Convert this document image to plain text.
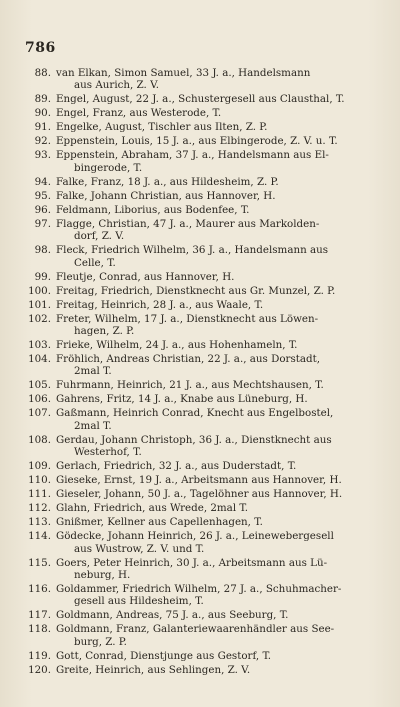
786
88. van Elkan, Simon Samuel, 33 J. a., Handelsmann
aus Aurich, Z. V.
89. Engel, August, 22 J. a., Schustergesell aus Clausthal, T.
90. Engel, Franz, aus Westerode, T.
91. Engelke, August, Tischler aus Ilten, Z. P.
92. Eppenstein, Louis, 15 J. a., aus Elbingerode, Z. V. u. T.
93. Eppenstein, Abraham, 37 J. a., Handelsmann aus El-
bingerode, T.
94. Falke, Franz, 18 J. a., aus Hildesheim, Z. P.
95. Falke, Johann Christian, aus Hannover, H.
96. Feldmann, Liborius, aus Bodenfee, T.
97. Flagge, Christian, 47 J. a., Maurer aus Markolden-
dorf, Z. V.
98. Fleck, Friedrich Wilhelm, 36 J. a., Handelsmann aus
Celle, T.
99. Fleutje, Conrad, aus Hannover, H.
100. Freitag, Friedrich, Dienstknecht aus Gr. Munzel, Z. P.
101. Freitag, Heinrich, 28 J. a., aus Waale, T.
102. Freter, Wilhelm, 17 J. a., Dienstknecht aus Löwen-
hagen, Z. P.
103. Frieke, Wilhelm, 24 J. a., aus Hohenhameln, T.
104. Fröhlich, Andreas Christian, 22 J. a., aus Dorstadt,
2mal T.
105. Fuhrmann, Heinrich, 21 J. a., aus Mechtshausen, T.
106. Gahrens, Fritz, 14 J. a., Knabe aus Lüneburg, H.
107. Gaßmann, Heinrich Conrad, Knecht aus Engelbostel,
2mal T.
108. Gerdau, Johann Christoph, 36 J. a., Dienstknecht aus
Westerhof, T.
109. Gerlach, Friedrich, 32 J. a., aus Duderstadt, T.
110. Gieseke, Ernst, 19 J. a., Arbeitsmann aus Hannover, H.
111. Gieseler, Johann, 50 J. a., Tagelöhner aus Hannover, H.
112. Glahn, Friedrich, aus Wrede, 2mal T.
113. Gnißmer, Kellner aus Capellenhagen, T.
114. Gödecke, Johann Heinrich, 26 J. a., Leinewebergesell
aus Wustrow, Z. V. und T.
115. Goers, Peter Heinrich, 30 J. a., Arbeitsmann aus Lü-
neburg, H.
116. Goldammer, Friedrich Wilhelm, 27 J. a., Schuhmacher-
gesell aus Hildesheim, T.
117. Goldmann, Andreas, 75 J. a., aus Seeburg, T.
118. Goldmann, Franz, Galanteriewaarenhändler aus See-
burg, Z. P.
119. Gott, Conrad, Dienstjunge aus Gestorf, T.
120. Greite, Heinrich, aus Sehlingen, Z. V.
